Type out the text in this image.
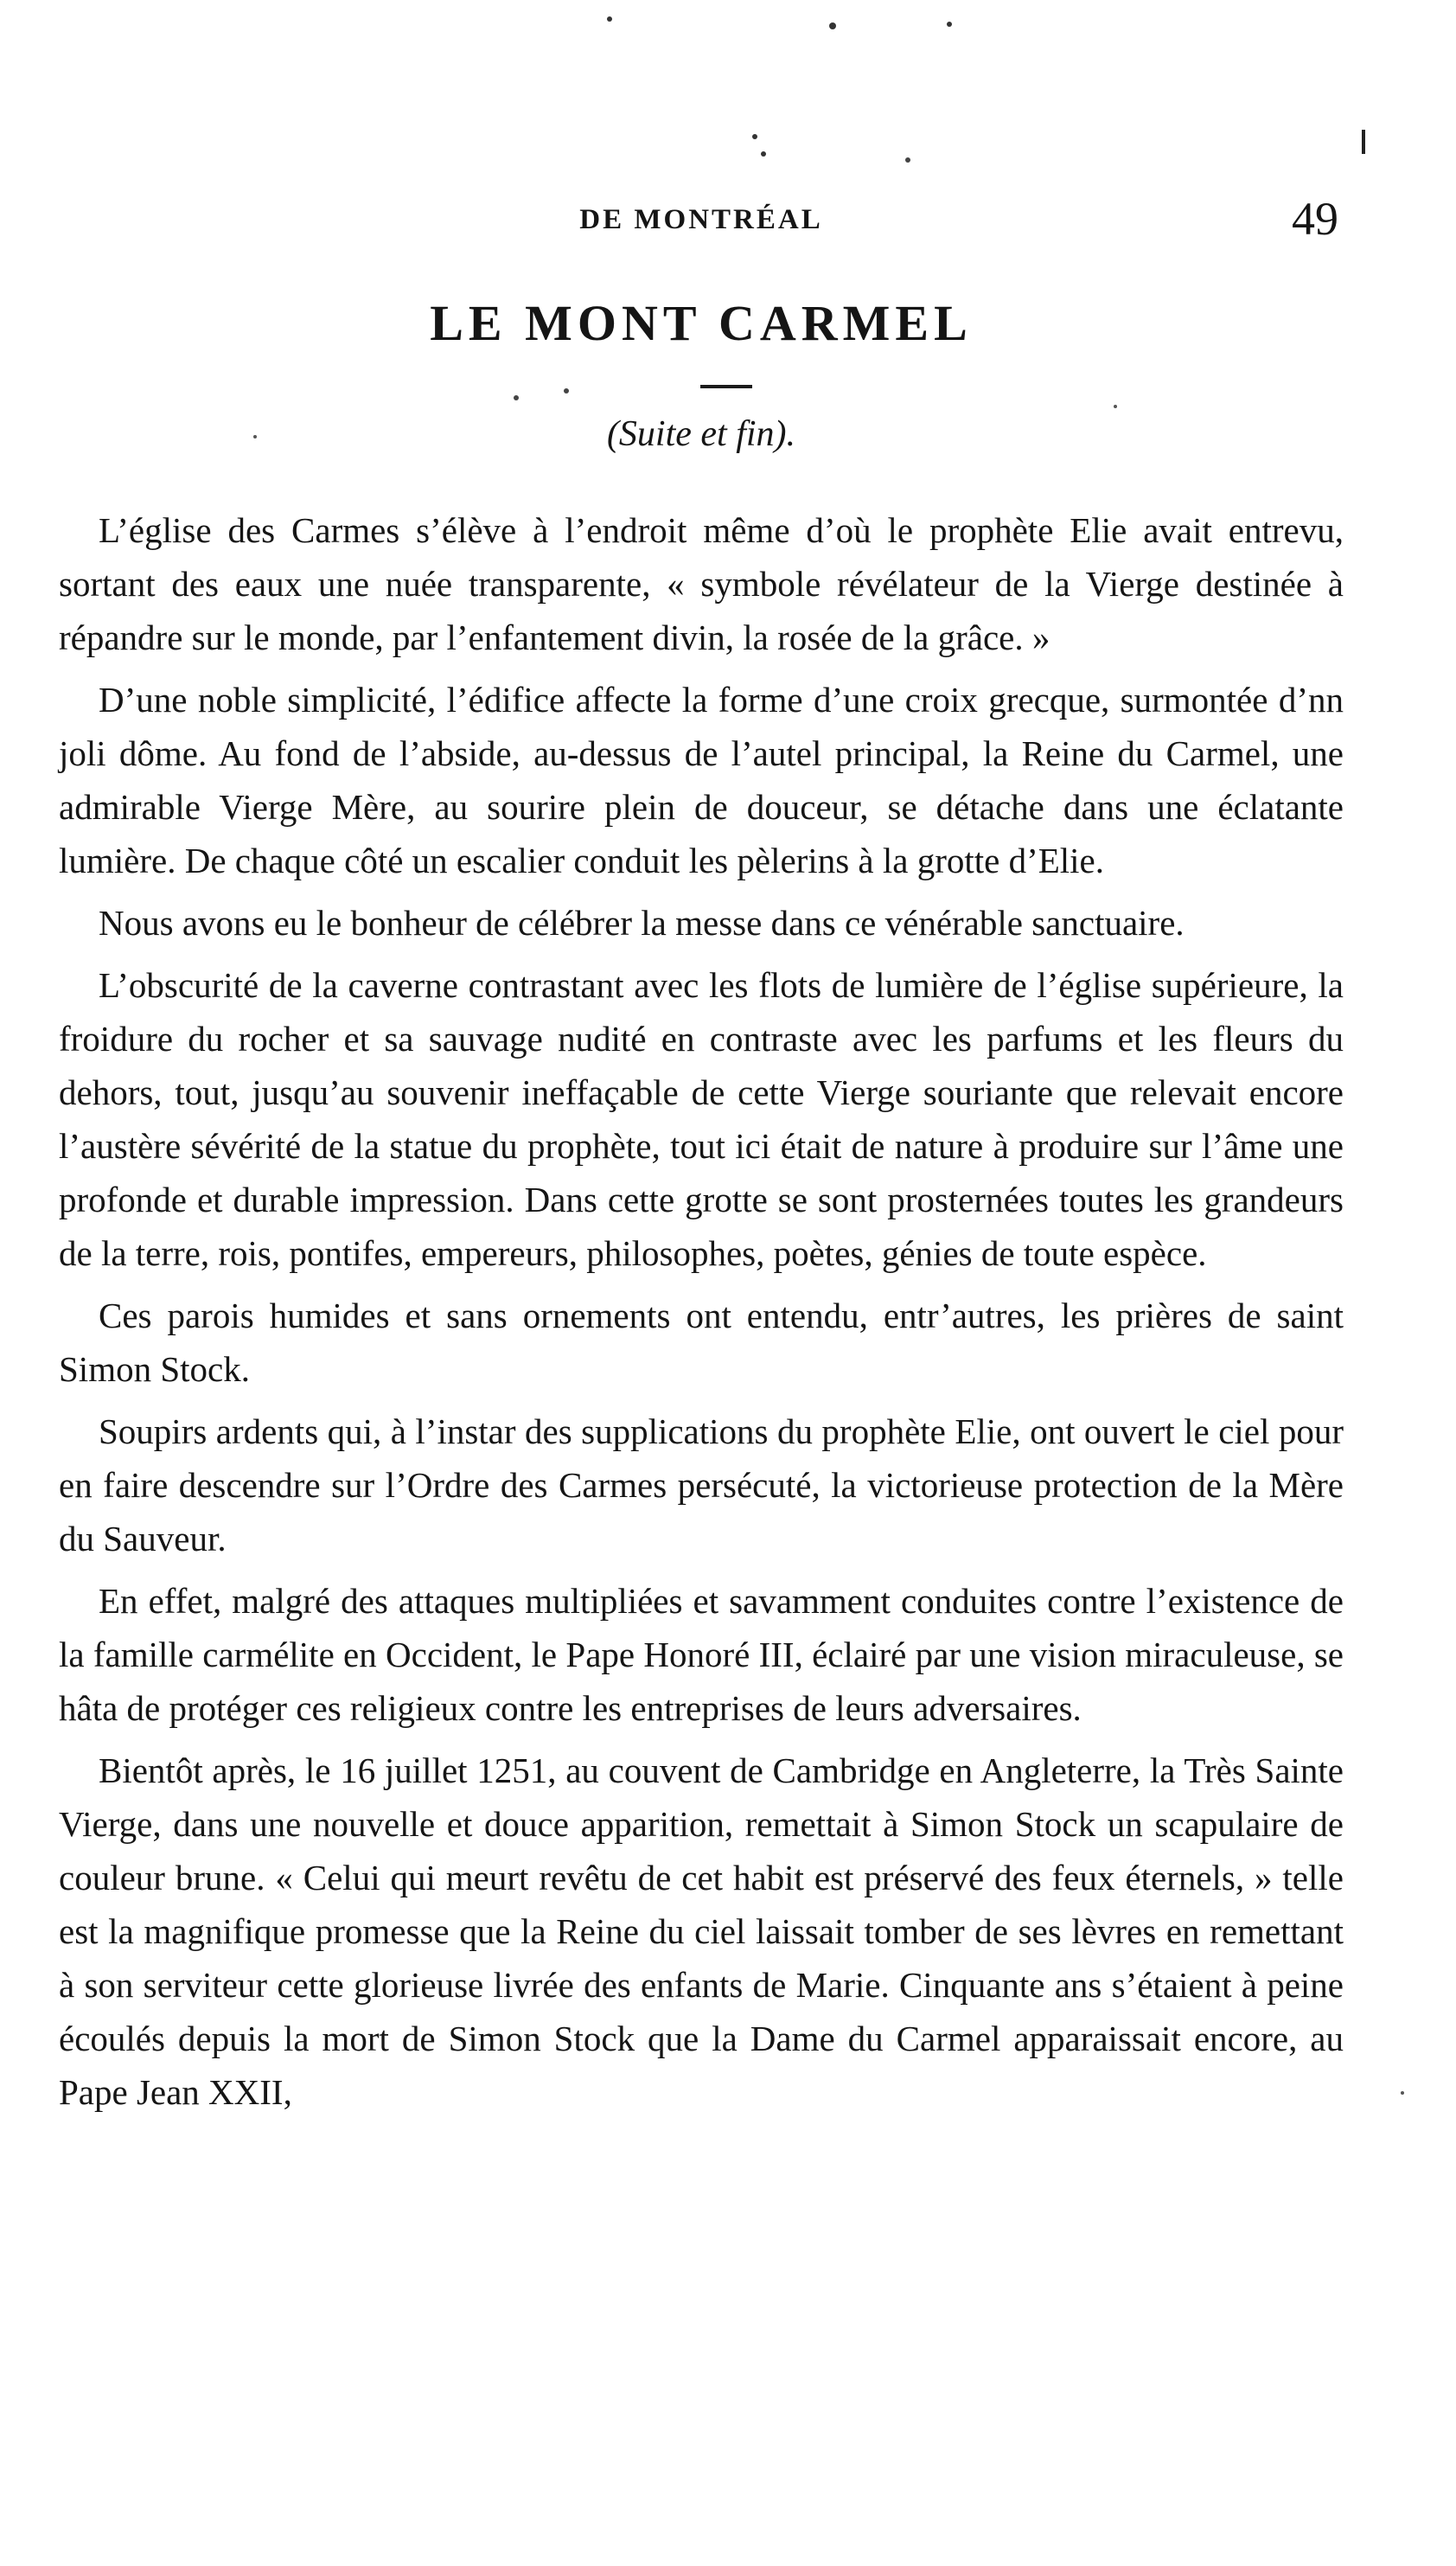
DE MONTRÉAL	49
LE MONT CARMEL
(Suite et fin).

L’église des Carmes s’élève à l’endroit même d’où le prophète Elie avait entrevu, sortant des eaux une nuée transparente, « symbole révélateur de la Vierge destinée à répandre sur le monde, par l’enfantement divin, la rosée de la grâce. »

D’une noble simplicité, l’édifice affecte la forme d’une croix grecque, surmontée d’nn joli dôme. Au fond de l’abside, au-dessus de l’autel principal, la Reine du Carmel, une admirable Vierge Mère, au sourire plein de douceur, se détache dans une éclatante lumière. De chaque côté un escalier conduit les pèlerins à la grotte d’Elie.

Nous avons eu le bonheur de célébrer la messe dans ce vénérable sanctuaire.

L’obscurité de la caverne contrastant avec les flots de lumière de l’église supérieure, la froidure du rocher et sa sauvage nudité en contraste avec les parfums et les fleurs du dehors, tout, jusqu’au souvenir ineffaçable de cette Vierge souriante que relevait encore l’austère sévérité de la statue du prophète, tout ici était de nature à produire sur l’âme une profonde et durable impression. Dans cette grotte se sont prosternées toutes les grandeurs de la terre, rois, pontifes, empereurs, philosophes, poètes, génies de toute espèce.

Ces parois humides et sans ornements ont entendu, entr’autres, les prières de saint Simon Stock.

Soupirs ardents qui, à l’instar des supplications du prophète Elie, ont ouvert le ciel pour en faire descendre sur l’Ordre des Carmes persécuté, la victorieuse protection de la Mère du Sauveur.

En effet, malgré des attaques multipliées et savamment conduites contre l’existence de la famille carmélite en Occident, le Pape Honoré III, éclairé par une vision miraculeuse, se hâta de protéger ces religieux contre les entreprises de leurs adversaires.

Bientôt après, le 16 juillet 1251, au couvent de Cambridge en Angleterre, la Très Sainte Vierge, dans une nouvelle et douce apparition, remettait à Simon Stock un scapulaire de couleur brune. « Celui qui meurt revêtu de cet habit est préservé des feux éternels, » telle est la magnifique promesse que la Reine du ciel laissait tomber de ses lèvres en remettant à son serviteur cette glorieuse livrée des enfants de Marie. Cinquante ans s’étaient à peine écoulés depuis la mort de Simon Stock que la Dame du Carmel apparaissait encore, au Pape Jean XXII,
